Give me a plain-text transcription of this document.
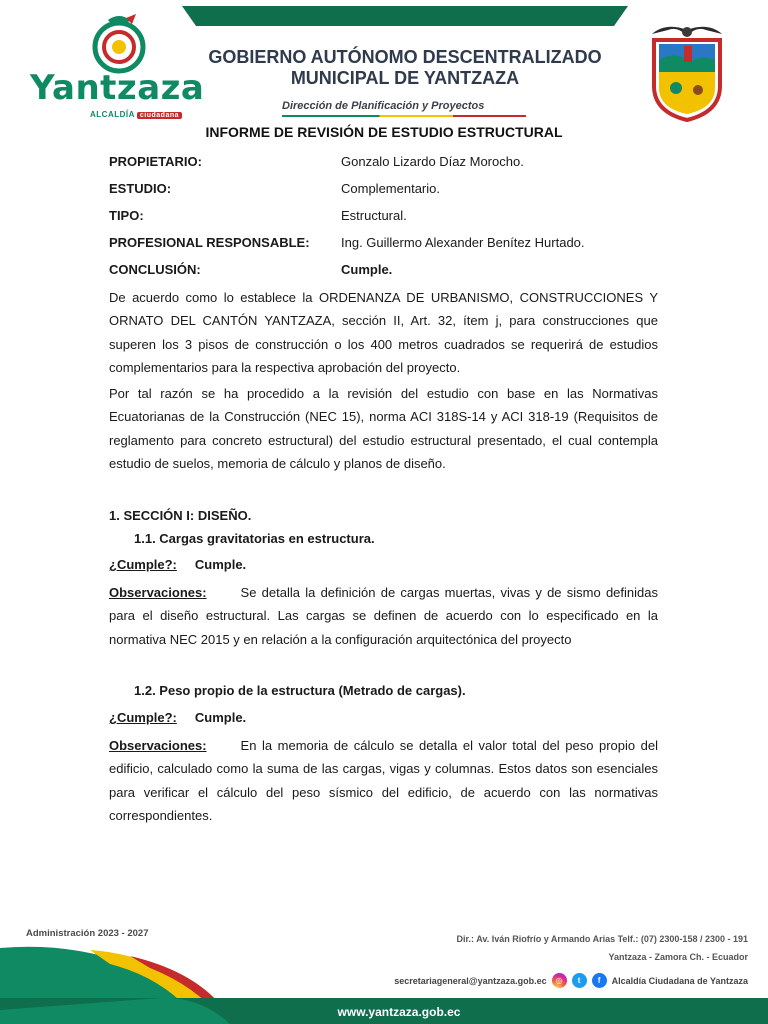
Yantzaza
ALCALDÍA ciudadana
GOBIERNO AUTÓNOMO DESCENTRALIZADO
MUNICIPAL DE YANTZAZA
Dirección de Planificación y Proyectos
INFORME DE REVISIÓN DE ESTUDIO ESTRUCTURAL
PROPIETARIO:	Gonzalo Lizardo Díaz Morocho.
ESTUDIO:	Complementario.
TIPO:	Estructural.
PROFESIONAL RESPONSABLE: Ing. Guillermo Alexander Benítez Hurtado.
CONCLUSIÓN:	Cumple.

De acuerdo como lo establece la ORDENANZA DE URBANISMO, CONSTRUCCIONES Y ORNATO DEL CANTÓN YANTZAZA, sección II, Art. 32, ítem j, para construcciones que superen los 3 pisos de construcción o los 400 metros cuadrados se requerirá de estudios complementarios para la respectiva aprobación del proyecto.

Por tal razón se ha procedido a la revisión del estudio con base en las Normativas Ecuatorianas de la Construcción (NEC 15), norma ACI 318S-14 y ACI 318-19 (Requisitos de reglamento para concreto estructural) del estudio estructural presentado, el cual contempla estudio de suelos, memoria de cálculo y planos de diseño.

1. SECCIÓN I: DISEÑO.
1.1. Cargas gravitatorias en estructura.
¿Cumple?: Cumple.

Observaciones:	Se detalla la definición de cargas muertas, vivas y de sismo definidas para el diseño estructural. Las cargas se definen de acuerdo con lo especificado en la normativa NEC 2015 y en relación a la configuración arquitectónica del proyecto

1.2. Peso propio de la estructura (Metrado de cargas).
¿Cumple?: Cumple.

Observaciones:	En la memoria de cálculo se detalla el valor total del peso propio del edificio, calculado como la suma de las cargas, vigas y columnas. Estos datos son esenciales para verificar el cálculo del peso sísmico del edificio, de acuerdo con las normativas correspondientes.

Administración 2023 - 2027	Dir.: Av. Iván Riofrío y Armando Arias Telf.: (07) 2300-158 / 2300 - 191
Yantzaza - Zamora Ch. - Ecuador
secretariageneral@yantzaza.gob.ec	◎	t	f	Alcaldía Ciudadana de Yantzaza
www.yantzaza.gob.ec
